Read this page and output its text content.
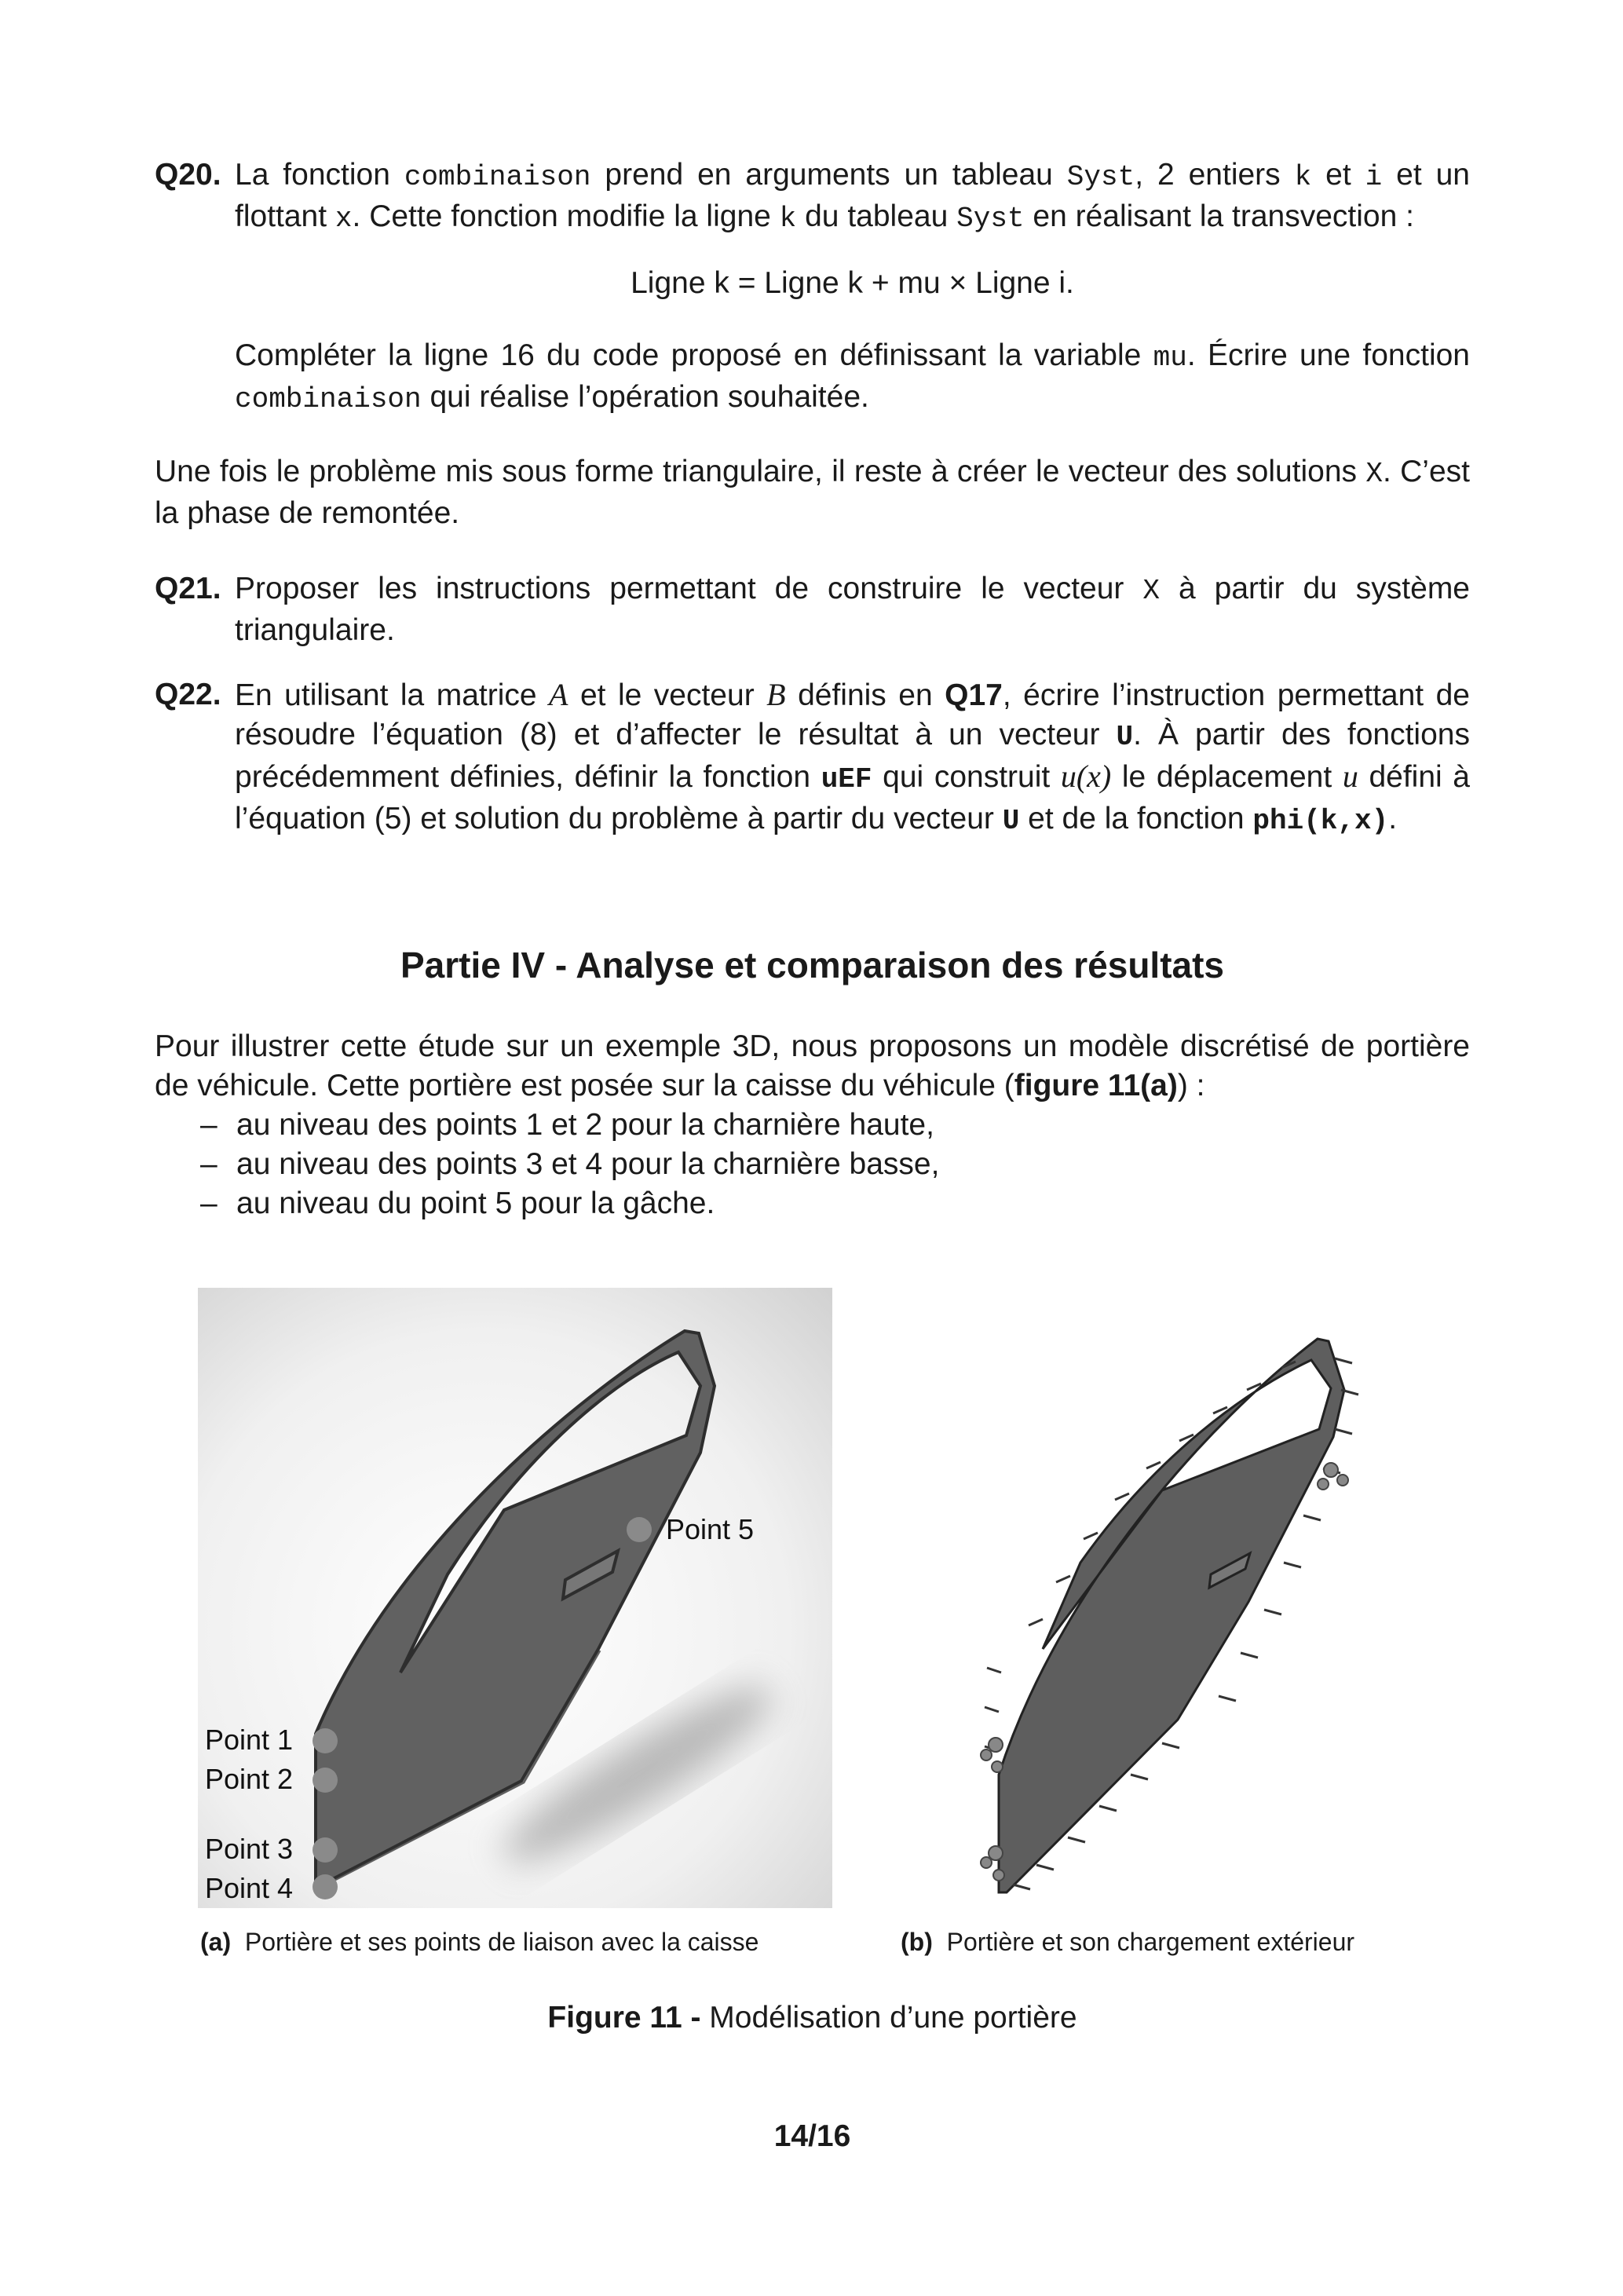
Q20. La fonction combinaison prend en arguments un tableau Syst, 2 entiers k et i et un flottant x. Cette fonction modifie la ligne k du tableau Syst en réalisant la transvection :

Ligne k = Ligne k + mu × Ligne i.

Compléter la ligne 16 du code proposé en définissant la variable mu. Écrire une fonction combinaison qui réalise l’opération souhaitée.

Une fois le problème mis sous forme triangulaire, il reste à créer le vecteur des solutions X. C’est la phase de remontée.

Q21. Proposer les instructions permettant de construire le vecteur X à partir du système triangulaire.

Q22. En utilisant la matrice A et le vecteur B définis en Q17, écrire l’instruction permettant de résoudre l’équation (8) et d’affecter le résultat à un vecteur U. À partir des fonctions précédemment définies, définir la fonction uEF qui construit u(x) le déplacement u défini à l’équation (5) et solution du problème à partir du vecteur U et de la fonction phi(k,x).

Partie IV - Analyse et comparaison des résultats

Pour illustrer cette étude sur un exemple 3D, nous proposons un modèle discrétisé de portière de véhicule. Cette portière est posée sur la caisse du véhicule (figure 11(a)) :

– au niveau des points 1 et 2 pour la charnière haute,
– au niveau des points 3 et 4 pour la charnière basse,
– au niveau du point 5 pour la gâche.
Point 1
Point 2
Point 3
Point 4
Point 5
(a) Portière et ses points de liaison avec la caisse	(b) Portière et son chargement extérieur

Figure 11 - Modélisation d’une portière

14/16
